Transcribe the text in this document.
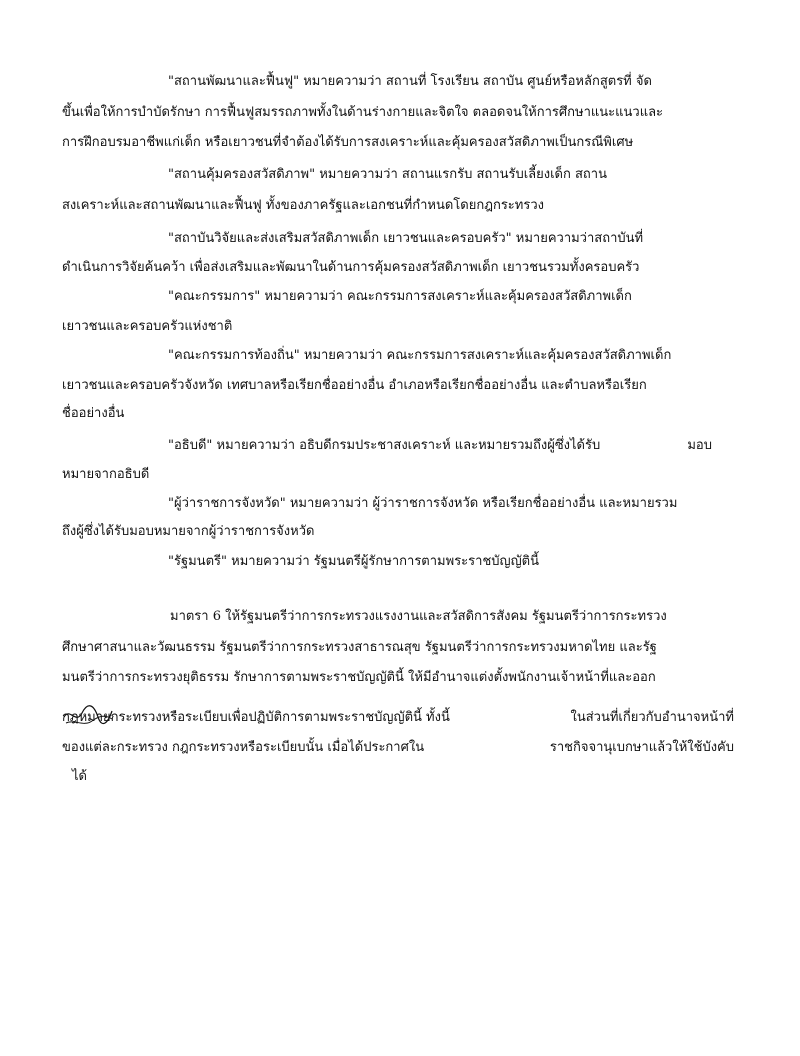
"สถานพัฒนาและฟื้นฟู" หมายความว่า สถานที่ โรงเรียน สถาบัน ศูนย์หรือหลักสูตรที่ จัด
ขึ้นเพื่อให้การบำบัดรักษา การฟื้นฟูสมรรถภาพทั้งในด้านร่างกายและจิตใจ ตลอดจนให้การศึกษาแนะแนวและ
การฝึกอบรมอาชีพแก่เด็ก หรือเยาวชนที่จำต้องได้รับการสงเคราะห์และคุ้มครองสวัสดิภาพเป็นกรณีพิเศษ
"สถานคุ้มครองสวัสดิภาพ" หมายความว่า สถานแรกรับ สถานรับเลี้ยงเด็ก สถาน
สงเคราะห์และสถานพัฒนาและฟื้นฟู ทั้งของภาครัฐและเอกชนที่กำหนดโดยกฎกระทรวง
"สถาบันวิจัยและส่งเสริมสวัสดิภาพเด็ก เยาวชนและครอบครัว" หมายความว่าสถาบันที่
ดำเนินการวิจัยค้นคว้า เพื่อส่งเสริมและพัฒนาในด้านการคุ้มครองสวัสดิภาพเด็ก เยาวชนรวมทั้งครอบครัว
"คณะกรรมการ" หมายความว่า คณะกรรมการสงเคราะห์และคุ้มครองสวัสดิภาพเด็ก
เยาวชนและครอบครัวแห่งชาติ
"คณะกรรมการท้องถิ่น" หมายความว่า คณะกรรมการสงเคราะห์และคุ้มครองสวัสดิภาพเด็ก
เยาวชนและครอบครัวจังหวัด เทศบาลหรือเรียกชื่ออย่างอื่น อำเภอหรือเรียกชื่ออย่างอื่น และตำบลหรือเรียก
ชื่ออย่างอื่น
"อธิบดี" หมายความว่า อธิบดีกรมประชาสงเคราะห์ และหมายรวมถึงผู้ซึ่งได้รับ	มอบ
หมายจากอธิบดี
"ผู้ว่าราชการจังหวัด" หมายความว่า ผู้ว่าราชการจังหวัด หรือเรียกชื่ออย่างอื่น และหมายรวม
ถึงผู้ซึ่งได้รับมอบหมายจากผู้ว่าราชการจังหวัด
"รัฐมนตรี" หมายความว่า รัฐมนตรีผู้รักษาการตามพระราชบัญญัตินี้
มาตรา 6 ให้รัฐมนตรีว่าการกระทรวงแรงงานและสวัสดิการสังคม รัฐมนตรีว่าการกระทรวง
ศึกษาศาสนาและวัฒนธรรม รัฐมนตรีว่าการกระทรวงสาธารณสุข รัฐมนตรีว่าการกระทรวงมหาดไทย และรัฐ
มนตรีว่าการกระทรวงยุติธรรม รักษาการตามพระราชบัญญัตินี้ ให้มีอำนาจแต่งตั้งพนักงานเจ้าหน้าที่และออก
กฎหมายกระทรวงหรือระเบียบเพื่อปฏิบัติการตามพระราชบัญญัตินี้ ทั้งนี้	ในส่วนที่เกี่ยวกับอำนาจหน้าที่
ของแต่ละกระทรวง กฎกระทรวงหรือระเบียบนั้น เมื่อได้ประกาศใน	ราชกิจจานุเบกษาแล้วให้ใช้บังคับ
ได้
